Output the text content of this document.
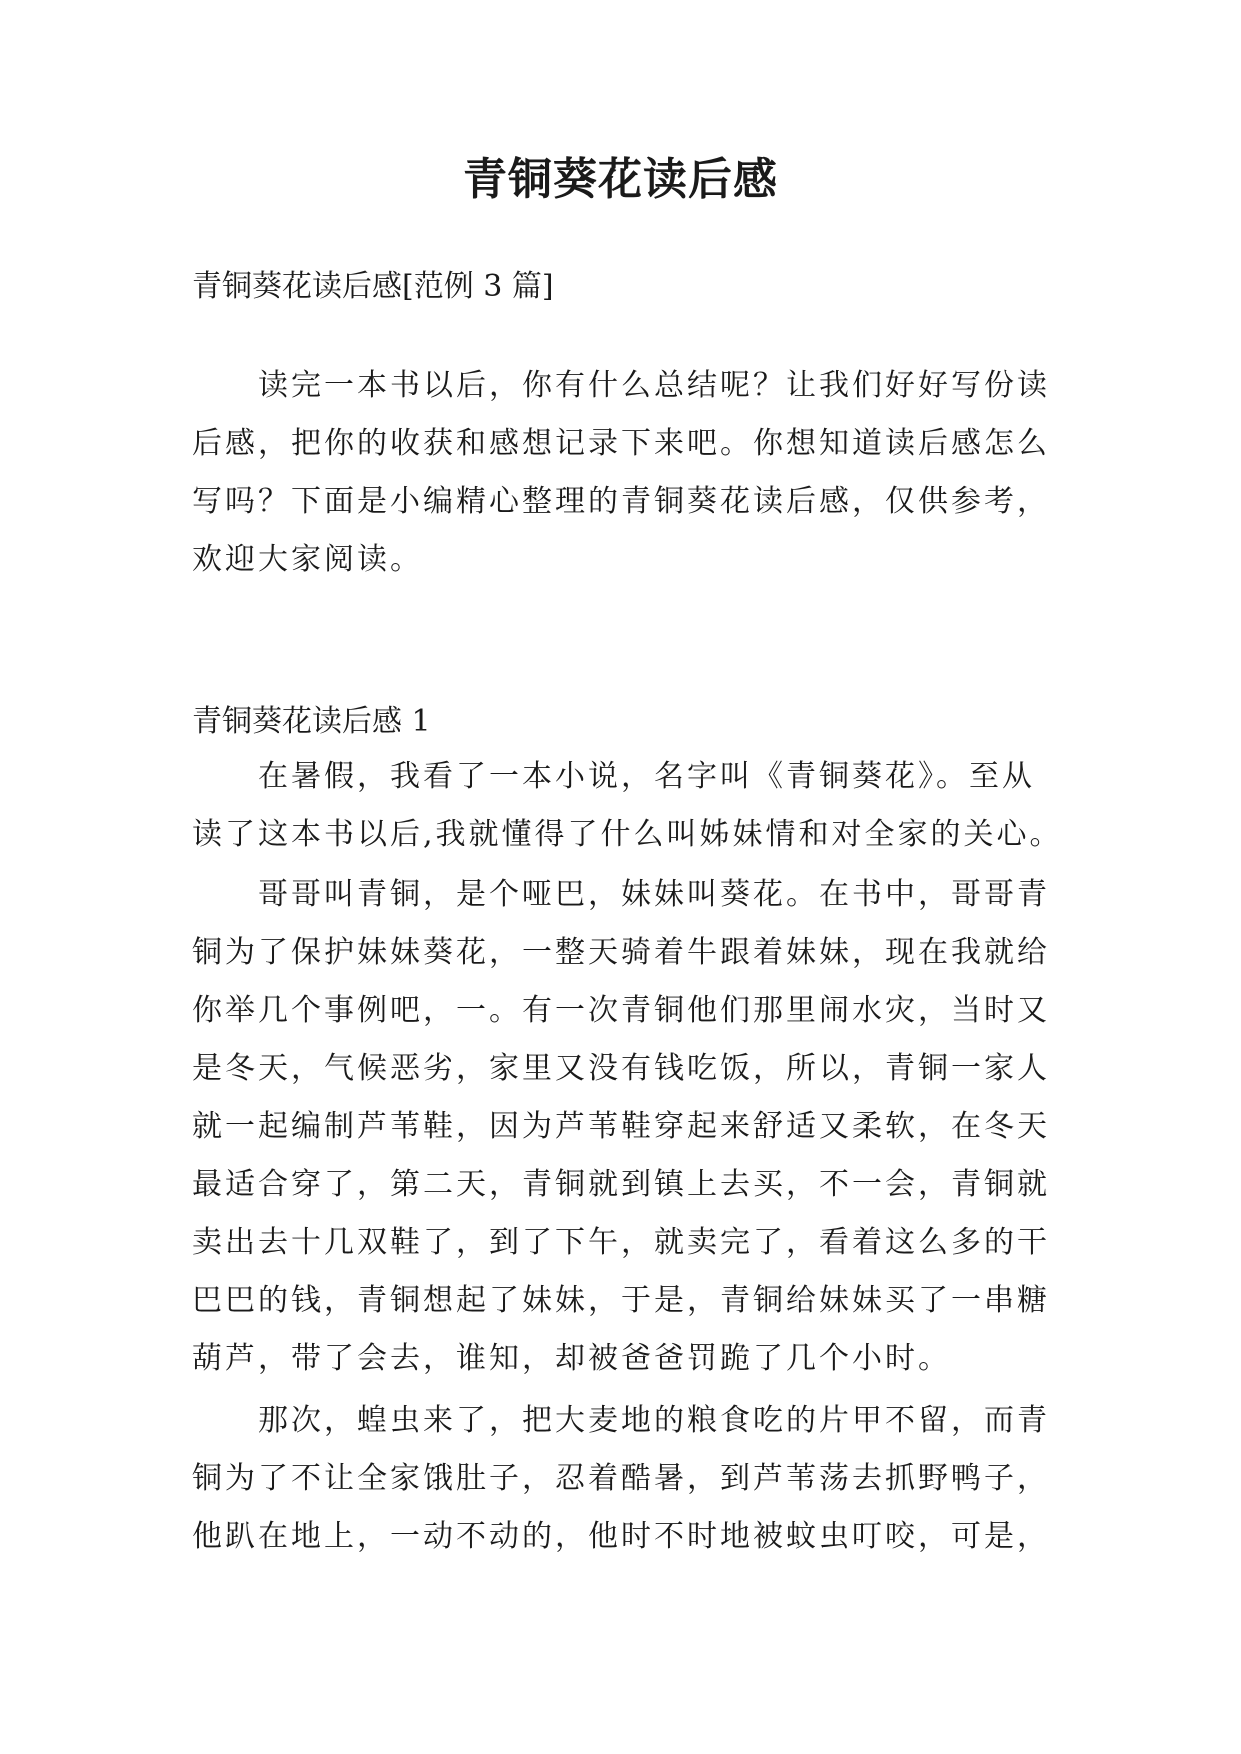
青铜葵花读后感
青铜葵花读后感[范例 3 篇]
读完一本书以后，你有什么总结呢？让我们好好写份读
后感，把你的收获和感想记录下来吧。你想知道读后感怎么
写吗？下面是小编精心整理的青铜葵花读后感，仅供参考，
欢迎大家阅读。
青铜葵花读后感 1
在暑假，我看了一本小说，名字叫《青铜葵花》。至从
读了这本书以后,我就懂得了什么叫姊妹情和对全家的关心。
哥哥叫青铜，是个哑巴，妹妹叫葵花。在书中，哥哥青
铜为了保护妹妹葵花，一整天骑着牛跟着妹妹，现在我就给
你举几个事例吧，一。有一次青铜他们那里闹水灾，当时又
是冬天，气候恶劣，家里又没有钱吃饭，所以，青铜一家人
就一起编制芦苇鞋，因为芦苇鞋穿起来舒适又柔软，在冬天
最适合穿了，第二天，青铜就到镇上去买，不一会，青铜就
卖出去十几双鞋了，到了下午，就卖完了，看着这么多的干
巴巴的钱，青铜想起了妹妹，于是，青铜给妹妹买了一串糖
葫芦，带了会去，谁知，却被爸爸罚跪了几个小时。
那次，蝗虫来了，把大麦地的粮食吃的片甲不留，而青
铜为了不让全家饿肚子，忍着酷暑，到芦苇荡去抓野鸭子，
他趴在地上，一动不动的，他时不时地被蚊虫叮咬，可是，
